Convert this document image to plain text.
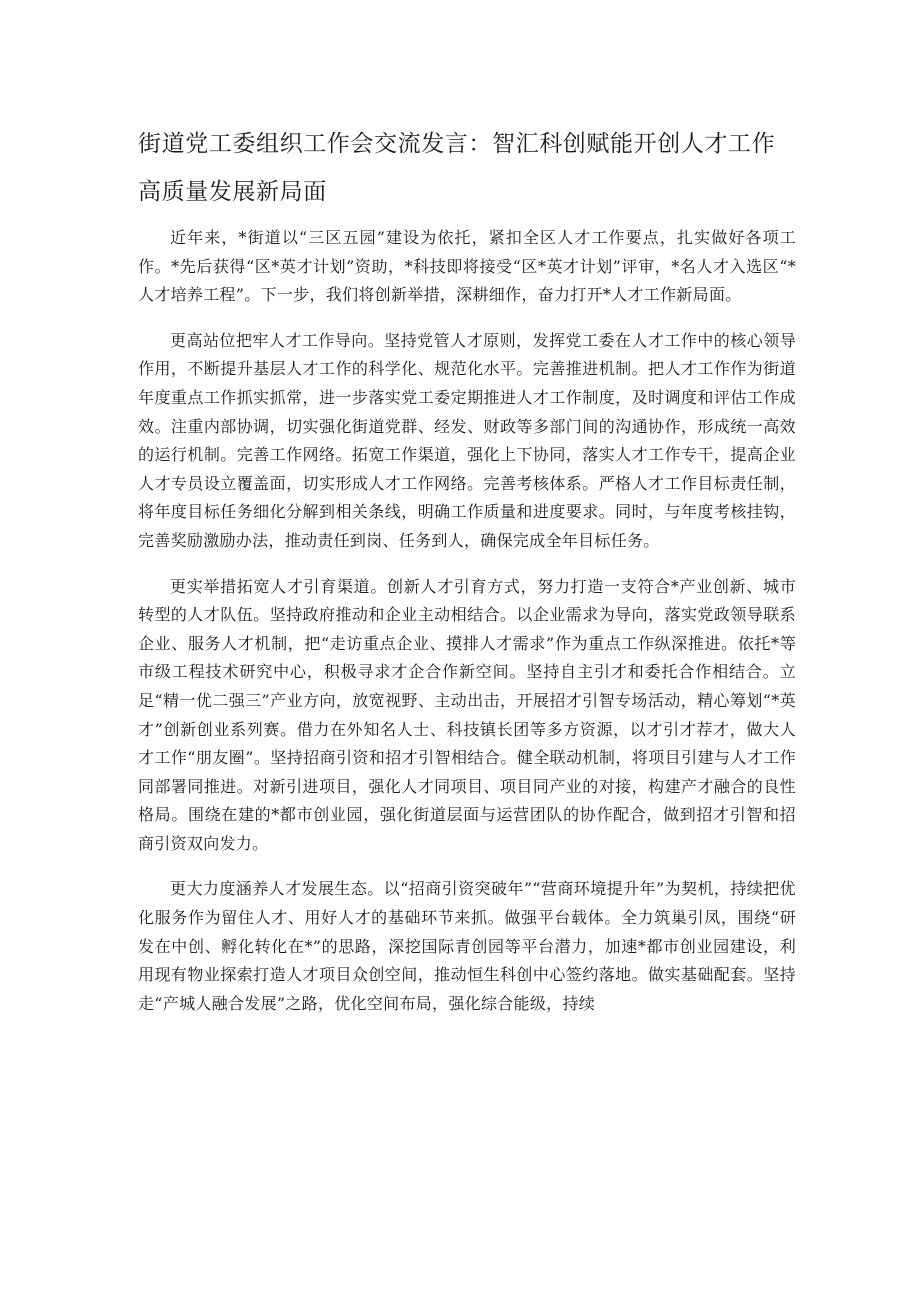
街道党工委组织工作会交流发言：智汇科创赋能开创人才工作高质量发展新局面

近年来，*街道以“三区五园”建设为依托，紧扣全区人才工作要点，扎实做好各项工作。*先后获得“区*英才计划”资助，*科技即将接受“区*英才计划”评审，*名人才入选区“*人才培养工程”。下一步，我们将创新举措，深耕细作，奋力打开*人才工作新局面。

更高站位把牢人才工作导向。坚持党管人才原则，发挥党工委在人才工作中的核心领导作用，不断提升基层人才工作的科学化、规范化水平。完善推进机制。把人才工作作为街道年度重点工作抓实抓常，进一步落实党工委定期推进人才工作制度，及时调度和评估工作成效。注重内部协调，切实强化街道党群、经发、财政等多部门间的沟通协作，形成统一高效的运行机制。完善工作网络。拓宽工作渠道，强化上下协同，落实人才工作专干，提高企业人才专员设立覆盖面，切实形成人才工作网络。完善考核体系。严格人才工作目标责任制，将年度目标任务细化分解到相关条线，明确工作质量和进度要求。同时，与年度考核挂钩，完善奖励激励办法，推动责任到岗、任务到人，确保完成全年目标任务。

更实举措拓宽人才引育渠道。创新人才引育方式，努力打造一支符合*产业创新、城市转型的人才队伍。坚持政府推动和企业主动相结合。以企业需求为导向，落实党政领导联系企业、服务人才机制，把“走访重点企业、摸排人才需求”作为重点工作纵深推进。依托*等市级工程技术研究中心，积极寻求才企合作新空间。坚持自主引才和委托合作相结合。立足“精一优二强三”产业方向，放宽视野、主动出击，开展招才引智专场活动，精心筹划“*英才”创新创业系列赛。借力在外知名人士、科技镇长团等多方资源，以才引才荐才，做大人才工作“朋友圈”。坚持招商引资和招才引智相结合。健全联动机制，将项目引建与人才工作同部署同推进。对新引进项目，强化人才同项目、项目同产业的对接，构建产才融合的良性格局。围绕在建的*都市创业园，强化街道层面与运营团队的协作配合，做到招才引智和招商引资双向发力。

更大力度涵养人才发展生态。以“招商引资突破年”“营商环境提升年”为契机，持续把优化服务作为留住人才、用好人才的基础环节来抓。做强平台载体。全力筑巢引凤，围绕“研发在中创、孵化转化在*”的思路，深挖国际青创园等平台潜力，加速*都市创业园建设，利用现有物业探索打造人才项目众创空间，推动恒生科创中心签约落地。做实基础配套。坚持走“产城人融合发展”之路，优化空间布局，强化综合能级，持续
